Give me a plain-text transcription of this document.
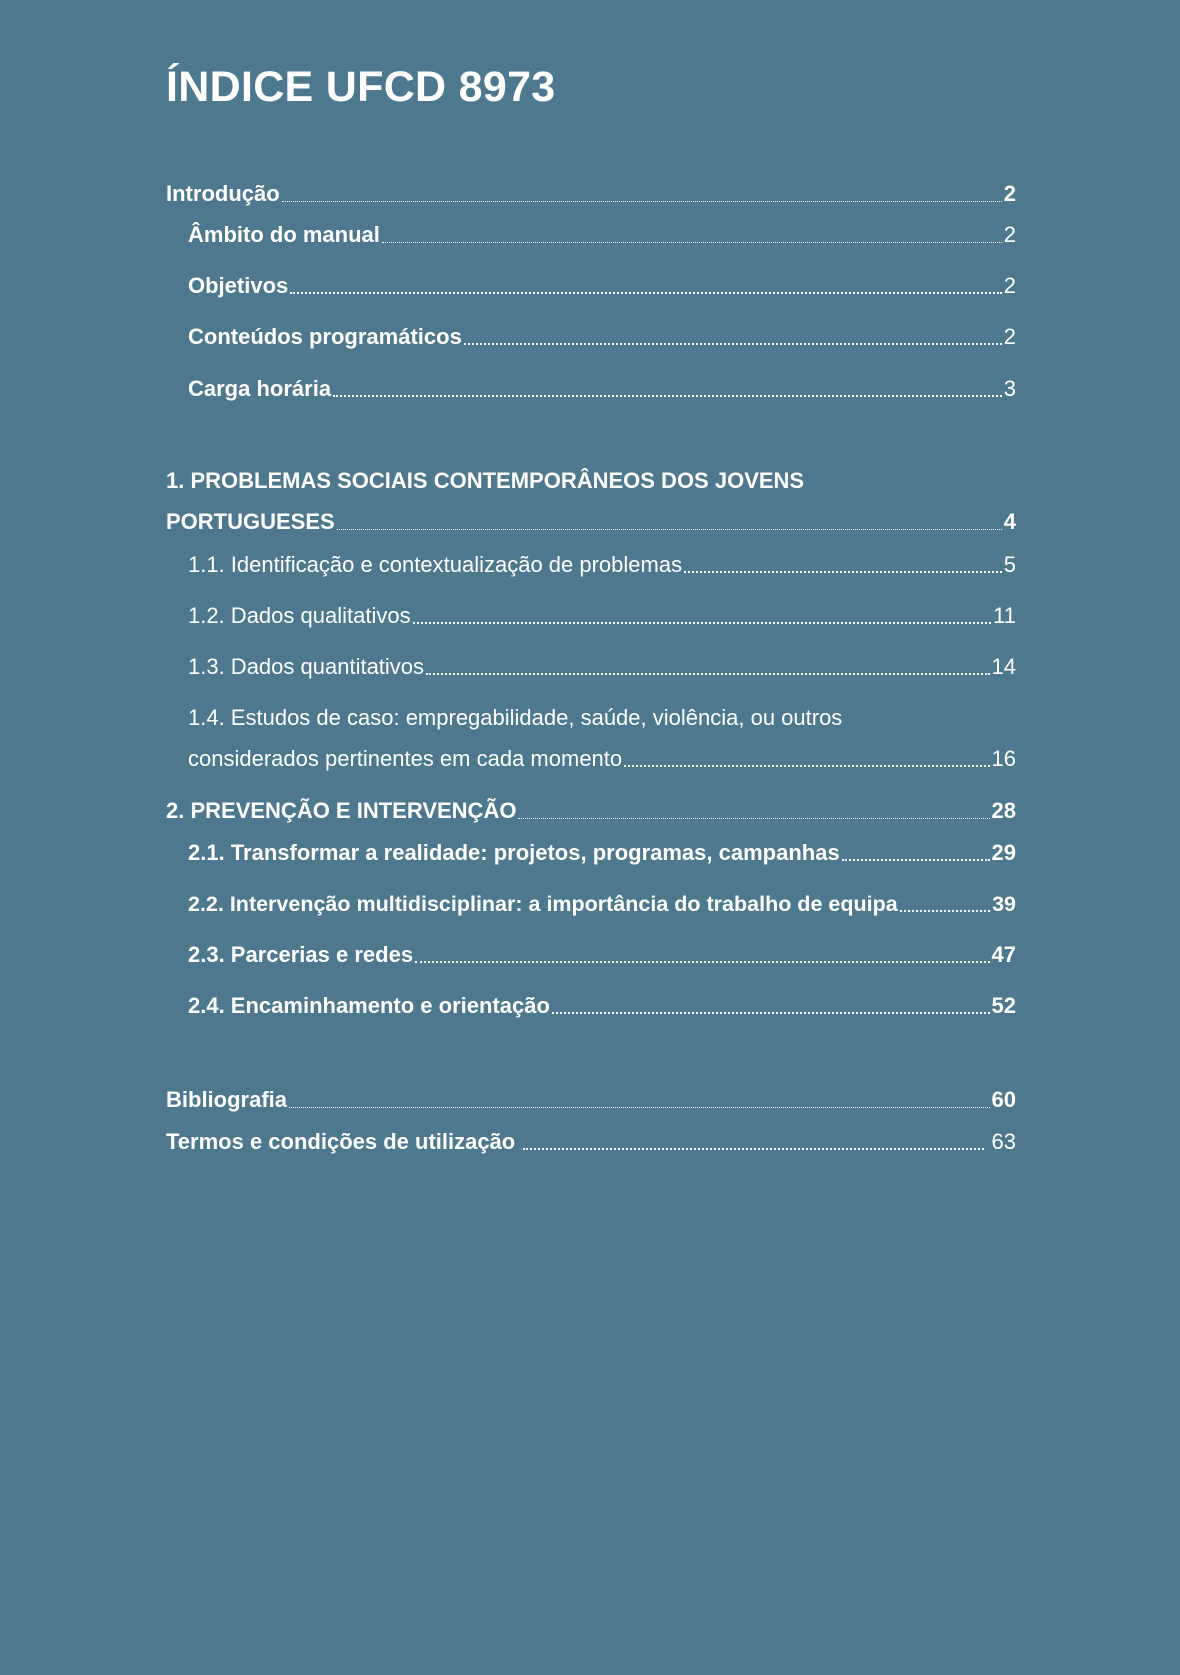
ÍNDICE UFCD 8973
Introdução	2
Âmbito do manual	2
Objetivos	2
Conteúdos programáticos	2
Carga horária	3
1. PROBLEMAS SOCIAIS CONTEMPORÂNEOS DOS JOVENS
PORTUGUESES	4
1.1. Identificação e contextualização de problemas	5
1.2. Dados qualitativos	11
1.3. Dados quantitativos	14
1.4. Estudos de caso: empregabilidade, saúde, violência, ou outros
considerados pertinentes em cada momento	16
2. PREVENÇÃO E INTERVENÇÃO	28
2.1. Transformar a realidade: projetos, programas, campanhas	29
2.2. Intervenção multidisciplinar: a importância do trabalho de equipa	39
2.3. Parcerias e redes	47
2.4. Encaminhamento e orientação	52
Bibliografia	60
Termos e condições de utilização	63
